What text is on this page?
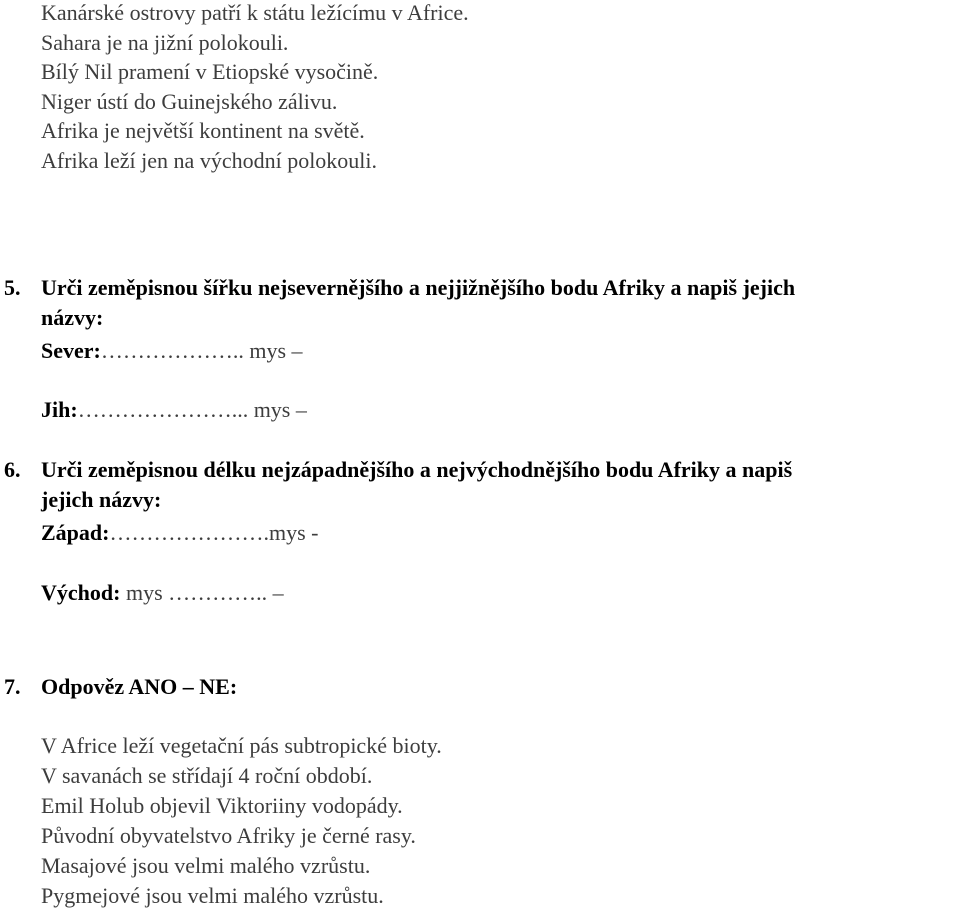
Kanárské ostrovy patří k státu ležícímu v Africe.
Sahara je na jižní polokouli.
Bílý Nil pramení v Etiopské vysočině.
Niger ústí do Guinejského zálivu.
Afrika je největší kontinent na světě.
Afrika leží jen na východní polokouli.
5. Urči zeměpisnou šířku nejsevernějšího a nejjižnějšího bodu Afriky a napiš jejich
názvy:
Sever:……………….. mys –
Jih:…………………... mys –
6. Urči zeměpisnou délku nejzápadnějšího a nejvýchodnějšího bodu Afriky a napiš
jejich názvy:
Západ:………………….mys -
Východ: mys ………….. –
7. Odpověz ANO – NE:
V Africe leží vegetační pás subtropické bioty.
V savanách se střídají 4 roční období.
Emil Holub objevil Viktoriiny vodopády.
Původní obyvatelstvo Afriky je černé rasy.
Masajové jsou velmi malého vzrůstu.
Pygmejové jsou velmi malého vzrůstu.
